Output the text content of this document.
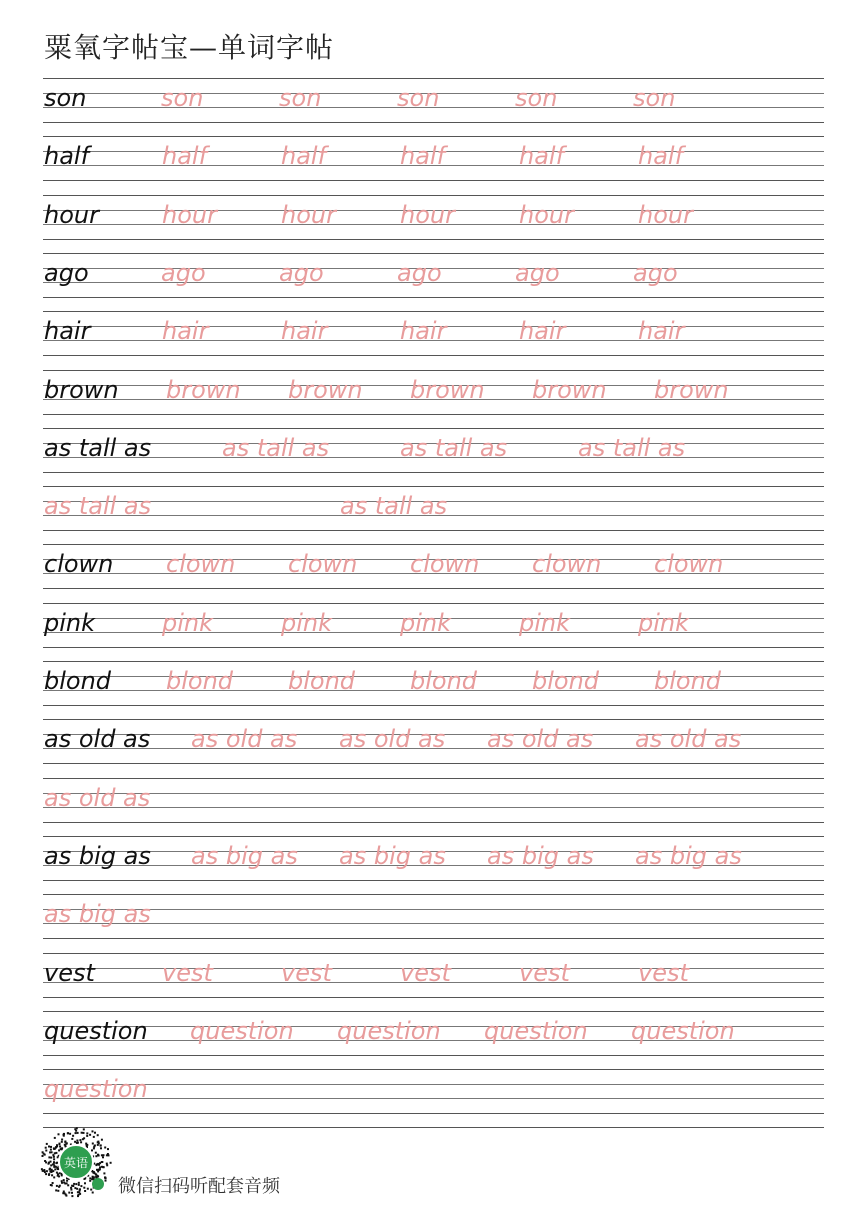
粟氧字帖宝—单词字帖
son	son	son	son	son	son
half	half	half	half	half	half
hour	hour	hour	hour	hour	hour
ago	ago	ago	ago	ago	ago
hair	hair	hair	hair	hair	hair
brown brown brown brown brown brown
as tall as	as tall as	as tall as	as tall as
as tall as	as tall as
clown clown clown clown clown clown
pink	pink	pink	pink	pink	pink
blond blond blond blond blond blond
as old as as old as as old as as old as as old as
as old as
as big as as big as as big as as big as as big as
as big as
vest	vest	vest	vest	vest	vest
question question question question question
question
英语
微信扫码听配套音频
